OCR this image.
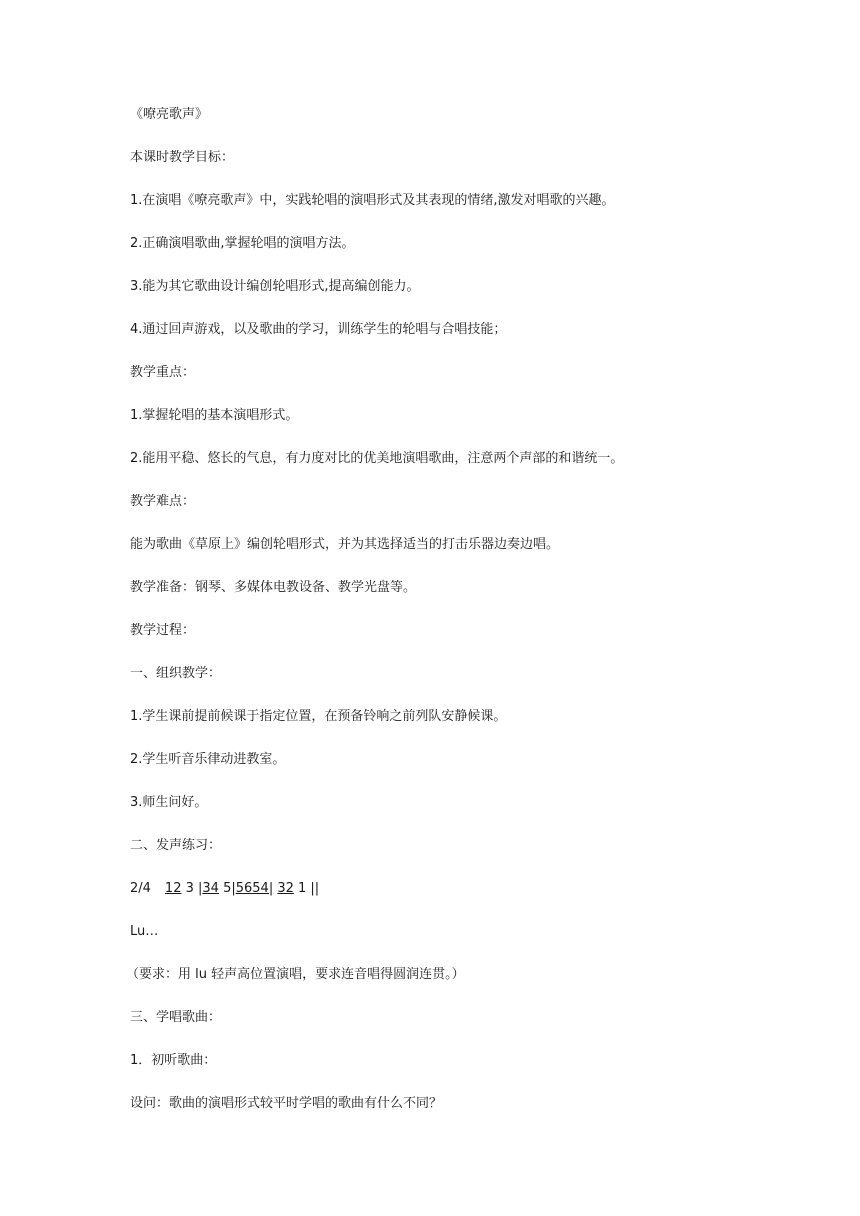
《嘹亮歌声》
本课时教学目标：
1.在演唱《嘹亮歌声》中，实践轮唱的演唱形式及其表现的情绪,激发对唱歌的兴趣。
2.正确演唱歌曲,掌握轮唱的演唱方法。
3.能为其它歌曲设计编创轮唱形式,提高编创能力。
4.通过回声游戏，以及歌曲的学习，训练学生的轮唱与合唱技能；
教学重点：
1.掌握轮唱的基本演唱形式。
2.能用平稳、悠长的气息，有力度对比的优美地演唱歌曲，注意两个声部的和谐统一。
教学难点：
能为歌曲《草原上》编创轮唱形式，并为其选择适当的打击乐器边奏边唱。
教学准备：钢琴、多媒体电教设备、教学光盘等。
教学过程：
一、组织教学：
1.学生课前提前候课于指定位置，在预备铃响之前列队安静候课。
2.学生听音乐律动进教室。
3.师生问好。
二、发声练习：
2/4 12 3 |34 5|5654| 32 1 ||
Lu…
（要求：用 lu 轻声高位置演唱，要求连音唱得圆润连贯。）
三、学唱歌曲：
1．初听歌曲：
设问：歌曲的演唱形式较平时学唱的歌曲有什么不同？
